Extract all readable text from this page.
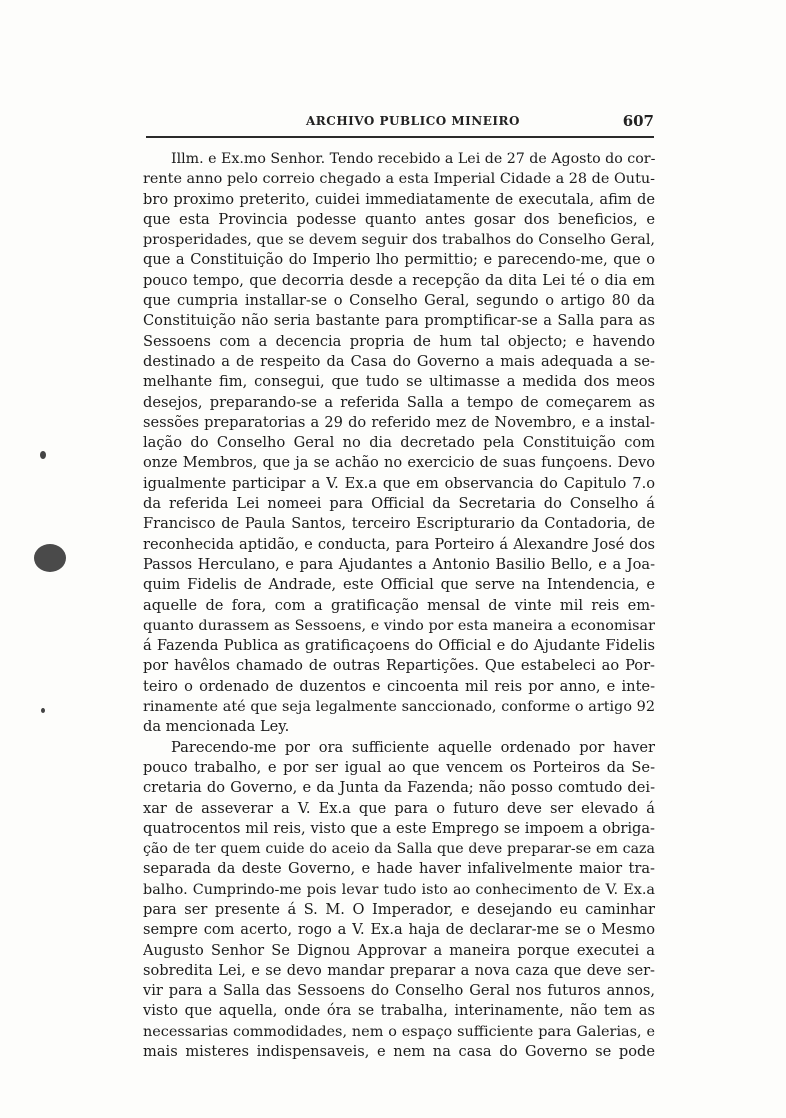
ARCHIVO PUBLICO MINEIRO	607
Illm. e Ex.mo Senhor. Tendo recebido a Lei de 27 de Agosto do cor-
rente anno pelo correio chegado a esta Imperial Cidade a 28 de Outu-
bro proximo preterito, cuidei immediatamente de executala, afim de
que esta Provincia podesse quanto antes gosar dos beneficios, e
prosperidades, que se devem seguir dos trabalhos do Conselho Geral,
que a Constituição do Imperio lho permittio; e parecendo-me, que o
pouco tempo, que decorria desde a recepção da dita Lei té o dia em
que cumpria installar-se o Conselho Geral, segundo o artigo 80 da
Constituição não seria bastante para promptificar-se a Salla para as
Sessoens com a decencia propria de hum tal objecto; e havendo
destinado a de respeito da Casa do Governo a mais adequada a se-
melhante fim, consegui, que tudo se ultimasse a medida dos meos
desejos, preparando-se a referida Salla a tempo de começarem as
sessões preparatorias a 29 do referido mez de Novembro, e a instal-
lação do Conselho Geral no dia decretado pela Constituição com
onze Membros, que ja se achão no exercicio de suas funçoens. Devo
igualmente participar a V. Ex.a que em observancia do Capitulo 7.o
da referida Lei nomeei para Official da Secretaria do Conselho á
Francisco de Paula Santos, terceiro Escripturario da Contadoria, de
reconhecida aptidão, e conducta, para Porteiro á Alexandre José dos
Passos Herculano, e para Ajudantes a Antonio Basilio Bello, e a Joa-
quim Fidelis de Andrade, este Official que serve na Intendencia, e
aquelle de fora, com a gratificação mensal de vinte mil reis em-
quanto durassem as Sessoens, e vindo por esta maneira a economisar
á Fazenda Publica as gratificaçoens do Official e do Ajudante Fidelis
por havêlos chamado de outras Repartições. Que estabeleci ao Por-
teiro o ordenado de duzentos e cincoenta mil reis por anno, e inte-
rinamente até que seja legalmente sanccionado, conforme o artigo 92
da mencionada Ley.
Parecendo-me por ora sufficiente aquelle ordenado por haver
pouco trabalho, e por ser igual ao que vencem os Porteiros da Se-
cretaria do Governo, e da Junta da Fazenda; não posso comtudo dei-
xar de asseverar a V. Ex.a que para o futuro deve ser elevado á
quatrocentos mil reis, visto que a este Emprego se impoem a obriga-
ção de ter quem cuide do aceio da Salla que deve preparar-se em caza
separada da deste Governo, e hade haver infalivelmente maior tra-
balho. Cumprindo-me pois levar tudo isto ao conhecimento de V. Ex.a
para ser presente á S. M. O Imperador, e desejando eu caminhar
sempre com acerto, rogo a V. Ex.a haja de declarar-me se o Mesmo
Augusto Senhor Se Dignou Approvar a maneira porque executei a
sobredita Lei, e se devo mandar preparar a nova caza que deve ser-
vir para a Salla das Sessoens do Conselho Geral nos futuros annos,
visto que aquella, onde óra se trabalha, interinamente, não tem as
necessarias commodidades, nem o espaço sufficiente para Galerias, e
mais misteres indispensaveis, e nem na casa do Governo se pode
